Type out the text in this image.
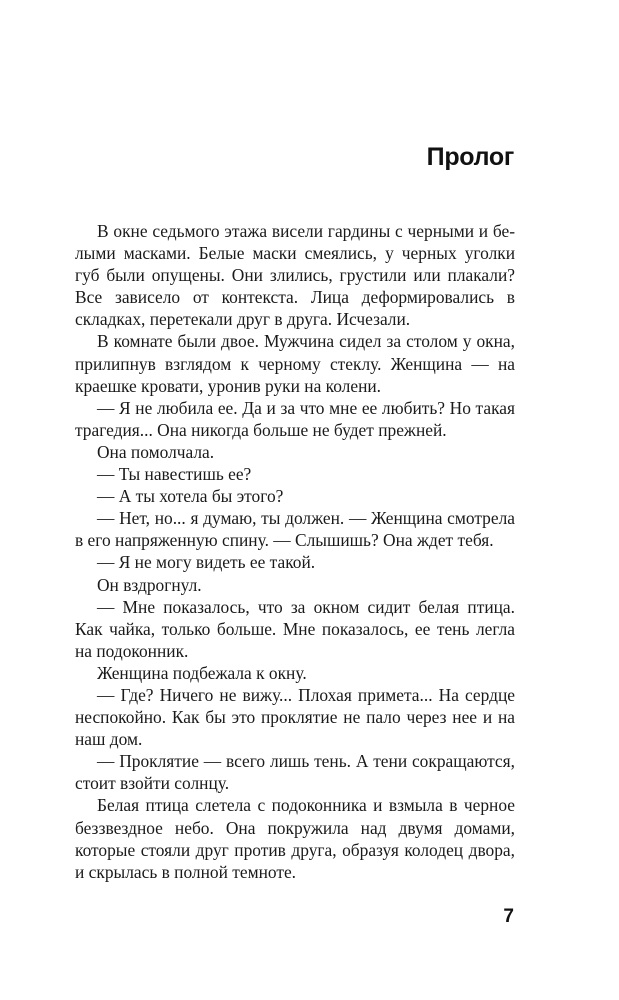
Пролог

В окне седьмого этажа висели гардины с черными и белыми масками. Белые маски смеялись, у черных уголки губ были опущены. Они злились, грустили или плакали? Все зависело от контекста. Лица деформировались в складках, перетекали друг в друга. Исчезали.

В комнате были двое. Мужчина сидел за столом у окна, прилипнув взглядом к черному стеклу. Женщина — на краешке кровати, уронив руки на колени.

— Я не любила ее. Да и за что мне ее любить? Но такая трагедия... Она никогда больше не будет прежней.

Она помолчала.

— Ты навестишь ее?

— А ты хотела бы этого?

— Нет, но... я думаю, ты должен. — Женщина смотрела в его напряженную спину. — Слышишь? Она ждет тебя.

— Я не могу видеть ее такой.

Он вздрогнул.

— Мне показалось, что за окном сидит белая птица. Как чайка, только больше. Мне показалось, ее тень легла на подоконник.

Женщина подбежала к окну.

— Где? Ничего не вижу... Плохая примета... На сердце неспокойно. Как бы это проклятие не пало через нее и на наш дом.

— Проклятие — всего лишь тень. А тени сокращаются, стоит взойти солнцу.

Белая птица слетела с подоконника и взмыла в черное беззвездное небо. Она покружила над двумя домами, которые стояли друг против друга, образуя колодец двора, и скрылась в полной темноте.

7
